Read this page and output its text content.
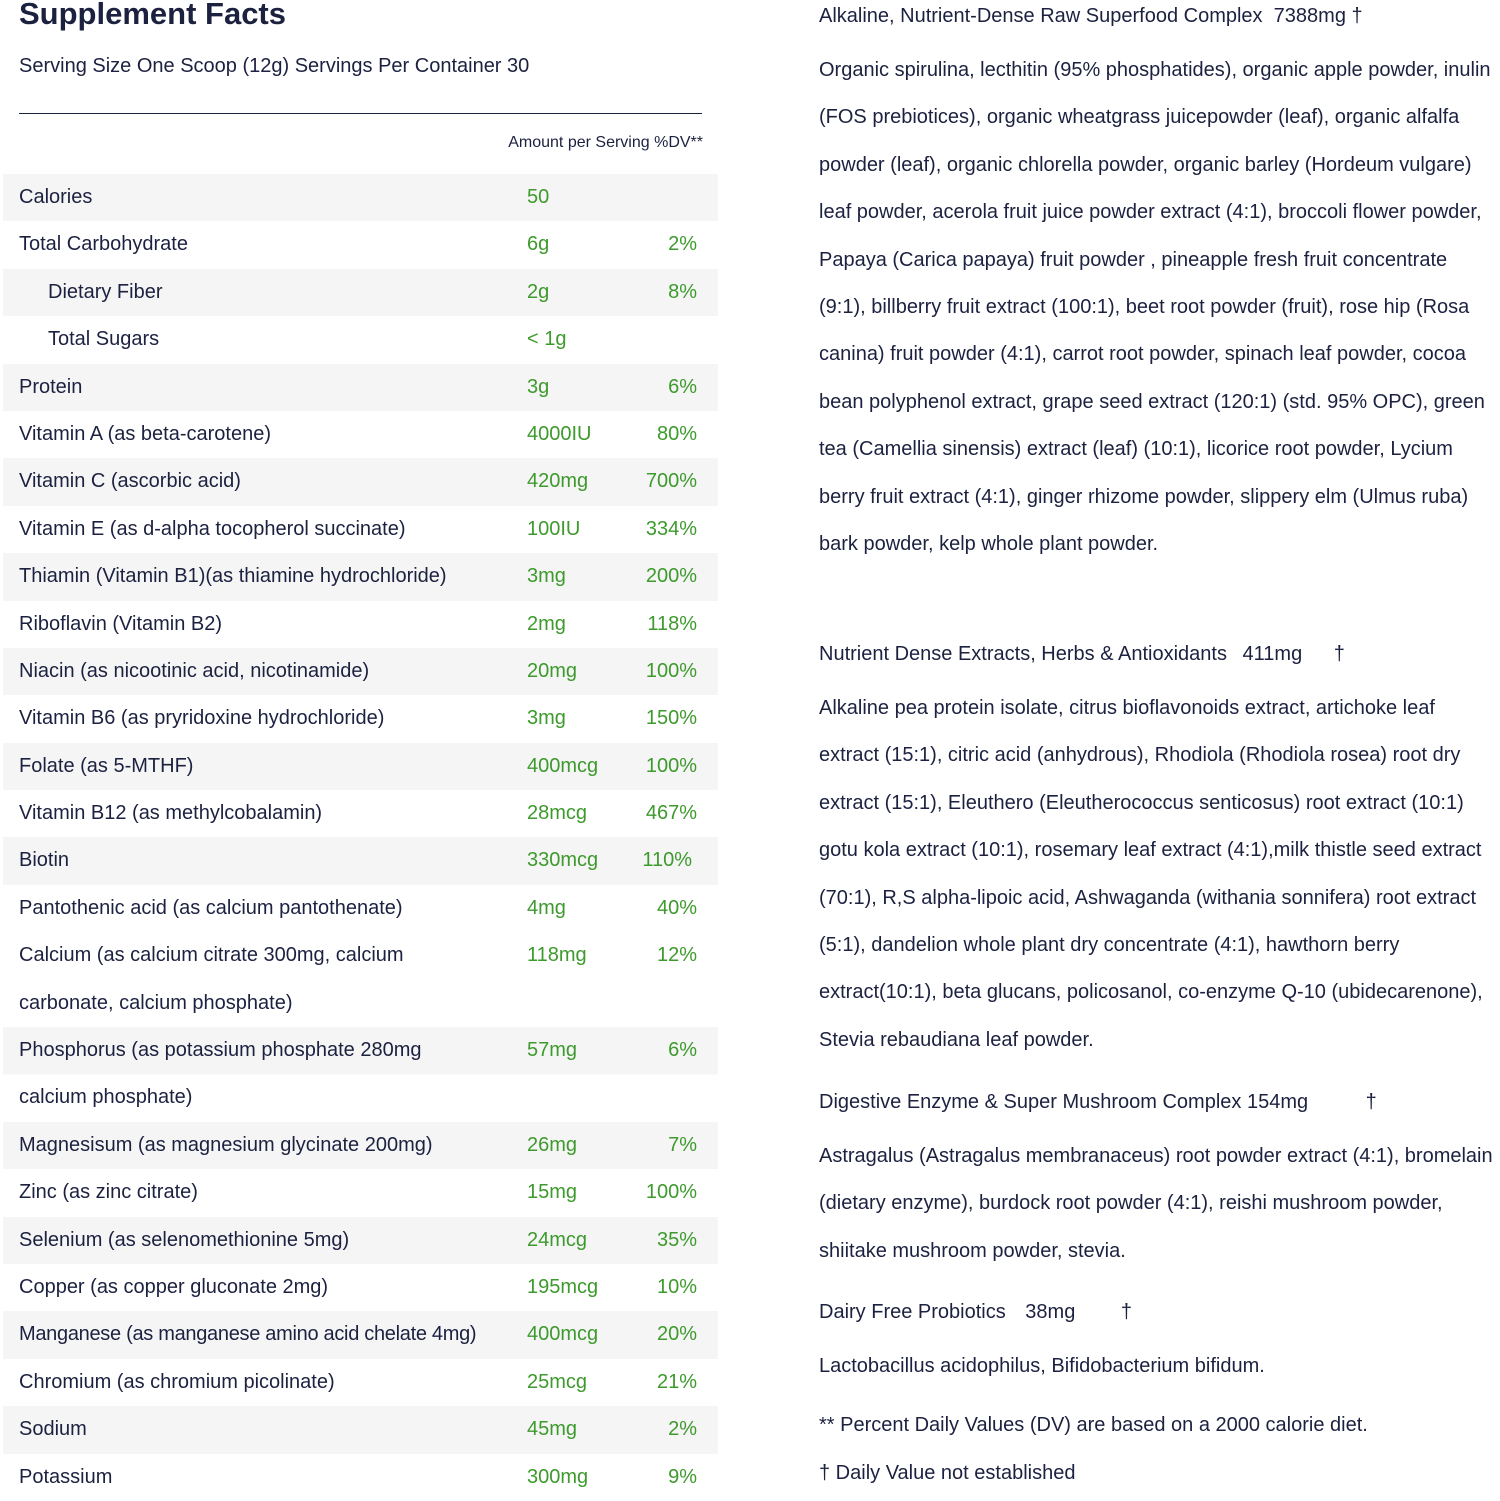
Supplement Facts
Serving Size One Scoop (12g) Servings Per Container 30
Amount per Serving %DV**
Calories	50
Total Carbohydrate	6g	2%
Dietary Fiber	2g	8%
Total Sugars	< 1g
Protein	3g	6%
Vitamin A (as beta-carotene)	4000IU	80%
Vitamin C (ascorbic acid)	420mg	700%
Vitamin E (as d-alpha tocopherol succinate)	100IU	334%
Thiamin (Vitamin B1)(as thiamine hydrochloride)	3mg	200%
Riboflavin (Vitamin B2)	2mg	118%
Niacin (as nicootinic acid, nicotinamide)	20mg	100%
Vitamin B6 (as pryridoxine hydrochloride)	3mg	150%
Folate (as 5-MTHF)	400mcg 100%
Vitamin B12 (as methylcobalamin)	28mcg	467%
Biotin	330mcg 110%
Pantothenic acid (as calcium pantothenate)	4mg	40%
Calcium (as calcium citrate 300mg, calcium carbonate, calcium phosphate)
118mg	12%
Phosphorus (as potassium phosphate 280mg calcium phosphate)
57mg	6%
Magnesisum (as magnesium glycinate 200mg)	26mg	7%
Zinc (as zinc citrate)	15mg	100%
Selenium (as selenomethionine 5mg)	24mcg	35%
Copper (as copper gluconate 2mg)	195mcg	10%
Manganese (as manganese amino acid chelate 4mg)	400mcg	20%
Chromium (as chromium picolinate)	25mcg	21%
Sodium	45mg	2%
Potassium	300mg	9%
Alkaline, Nutrient-Dense Raw Superfood Complex 7388mg †
Organic spirulina, lecthitin (95% phosphatides), organic apple powder, inulin (FOS prebiotices), organic wheatgrass juicepowder (leaf), organic alfalfa powder (leaf), organic chlorella powder, organic barley (Hordeum vulgare) leaf powder, acerola fruit juice powder extract (4:1), broccoli flower powder, Papaya (Carica papaya) fruit powder , pineapple fresh fruit concentrate (9:1), billberry fruit extract (100:1), beet root powder (fruit), rose hip (Rosa canina) fruit powder (4:1), carrot root powder, spinach leaf powder, cocoa bean polyphenol extract, grape seed extract (120:1) (std. 95% OPC), green tea (Camellia sinensis) extract (leaf) (10:1), licorice root powder, Lycium berry fruit extract (4:1), ginger rhizome powder, slippery elm (Ulmus ruba) bark powder, kelp whole plant powder.
Nutrient Dense Extracts, Herbs & Antioxidants 411mg †
Alkaline pea protein isolate, citrus bioflavonoids extract, artichoke leaf extract (15:1), citric acid (anhydrous), Rhodiola (Rhodiola rosea) root dry extract (15:1), Eleuthero (Eleutherococcus senticosus) root extract (10:1) gotu kola extract (10:1), rosemary leaf extract (4:1),milk thistle seed extract (70:1), R,S alpha-lipoic acid, Ashwaganda (withania sonnifera) root extract (5:1), dandelion whole plant dry concentrate (4:1), hawthorn berry extract(10:1), beta glucans, policosanol, co-enzyme Q-10 (ubidecarenone), Stevia rebaudiana leaf powder.
Digestive Enzyme & Super Mushroom Complex 154mg	†
Astragalus (Astragalus membranaceus) root powder extract (4:1), bromelain (dietary enzyme), burdock root powder (4:1), reishi mushroom powder, shiitake mushroom powder, stevia.
Dairy Free Probiotics 38mg †
Lactobacillus acidophilus, Bifidobacterium bifidum.
** Percent Daily Values (DV) are based on a 2000 calorie diet.
† Daily Value not established
